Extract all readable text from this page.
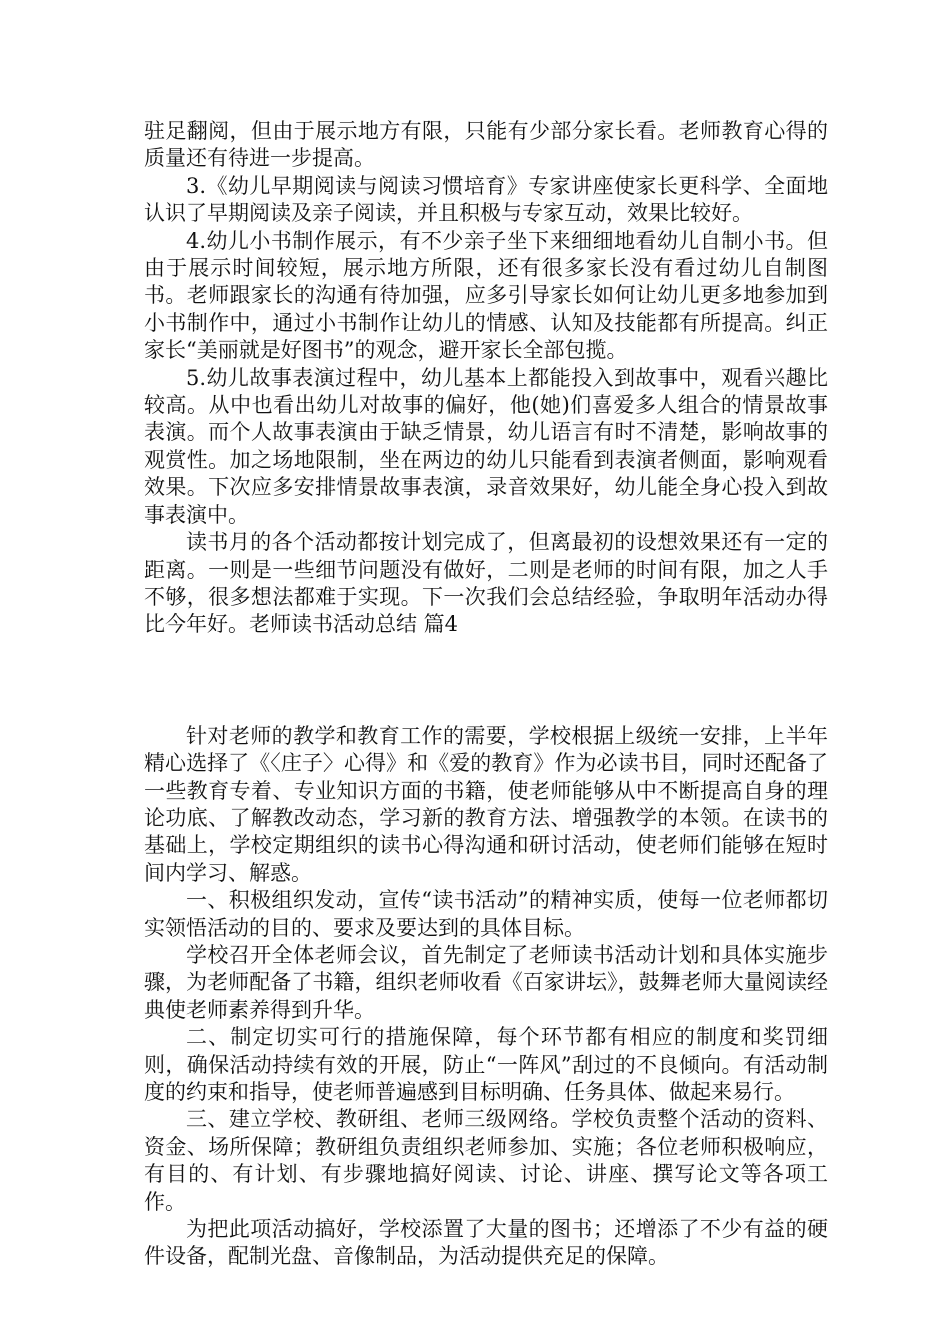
驻足翻阅，但由于展示地方有限，只能有少部分家长看。老师教育心得的质量还有待进一步提高。

3.《幼儿早期阅读与阅读习惯培育》专家讲座使家长更科学、全面地认识了早期阅读及亲子阅读，并且积极与专家互动，效果比较好。

4.幼儿小书制作展示，有不少亲子坐下来细细地看幼儿自制小书。但由于展示时间较短，展示地方所限，还有很多家长没有看过幼儿自制图书。老师跟家长的沟通有待加强，应多引导家长如何让幼儿更多地参加到小书制作中，通过小书制作让幼儿的情感、认知及技能都有所提高。纠正家长“美丽就是好图书”的观念，避开家长全部包揽。

5.幼儿故事表演过程中，幼儿基本上都能投入到故事中，观看兴趣比较高。从中也看出幼儿对故事的偏好，他(她)们喜爱多人组合的情景故事表演。而个人故事表演由于缺乏情景，幼儿语言有时不清楚，影响故事的观赏性。加之场地限制，坐在两边的幼儿只能看到表演者侧面，影响观看效果。下次应多安排情景故事表演，录音效果好，幼儿能全身心投入到故事表演中。

读书月的各个活动都按计划完成了，但离最初的设想效果还有一定的距离。一则是一些细节问题没有做好，二则是老师的时间有限，加之人手不够，很多想法都难于实现。下一次我们会总结经验，争取明年活动办得比今年好。老师读书活动总结 篇4

针对老师的教学和教育工作的需要，学校根据上级统一安排，上半年精心选择了《〈庄子〉心得》和《爱的教育》作为必读书目，同时还配备了一些教育专着、专业知识方面的书籍，使老师能够从中不断提高自身的理论功底、了解教改动态，学习新的教育方法、增强教学的本领。在读书的基础上，学校定期组织的读书心得沟通和研讨活动，使老师们能够在短时间内学习、解惑。

一、积极组织发动，宣传“读书活动”的精神实质，使每一位老师都切实领悟活动的目的、要求及要达到的具体目标。

学校召开全体老师会议，首先制定了老师读书活动计划和具体实施步骤，为老师配备了书籍，组织老师收看《百家讲坛》，鼓舞老师大量阅读经典使老师素养得到升华。

二、制定切实可行的措施保障，每个环节都有相应的制度和奖罚细则，确保活动持续有效的开展，防止“一阵风”刮过的不良倾向。有活动制度的约束和指导，使老师普遍感到目标明确、任务具体、做起来易行。

三、建立学校、教研组、老师三级网络。学校负责整个活动的资料、资金、场所保障；教研组负责组织老师参加、实施；各位老师积极响应，有目的、有计划、有步骤地搞好阅读、讨论、讲座、撰写论文等各项工作。

为把此项活动搞好，学校添置了大量的图书；还增添了不少有益的硬件设备，配制光盘、音像制品，为活动提供充足的保障。
